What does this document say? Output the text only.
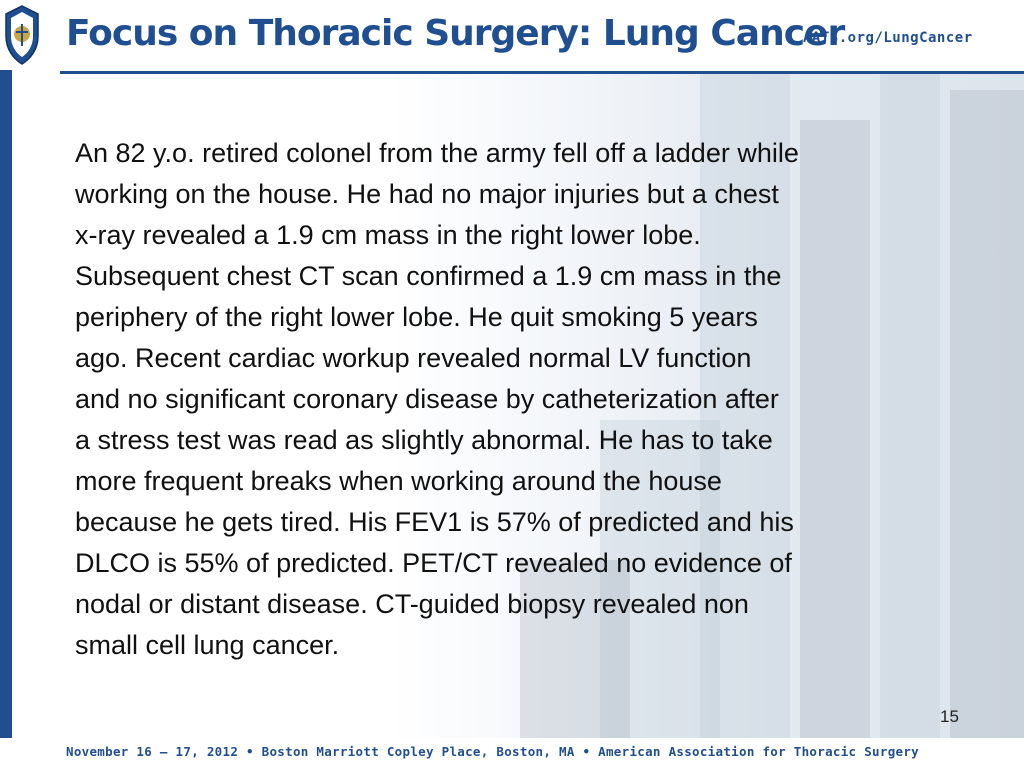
Focus on Thoracic Surgery: Lung Cancer
AATS.org/LungCancer
An 82 y.o. retired colonel from the army fell off a ladder while
working on the house. He had no major injuries but a chest
x-ray revealed a 1.9 cm mass in the right lower lobe.
Subsequent chest CT scan confirmed a 1.9 cm mass in the
periphery of the right lower lobe. He quit smoking 5 years
ago. Recent cardiac workup revealed normal LV function
and no significant coronary disease by catheterization after
a stress test was read as slightly abnormal. He has to take
more frequent breaks when working around the house
because he gets tired. His FEV1 is 57% of predicted and his
DLCO is 55% of predicted. PET/CT revealed no evidence of
nodal or distant disease. CT-guided biopsy revealed non
small cell lung cancer.
15
November 16 – 17, 2012 • Boston Marriott Copley Place, Boston, MA • American Association for Thoracic Surgery
